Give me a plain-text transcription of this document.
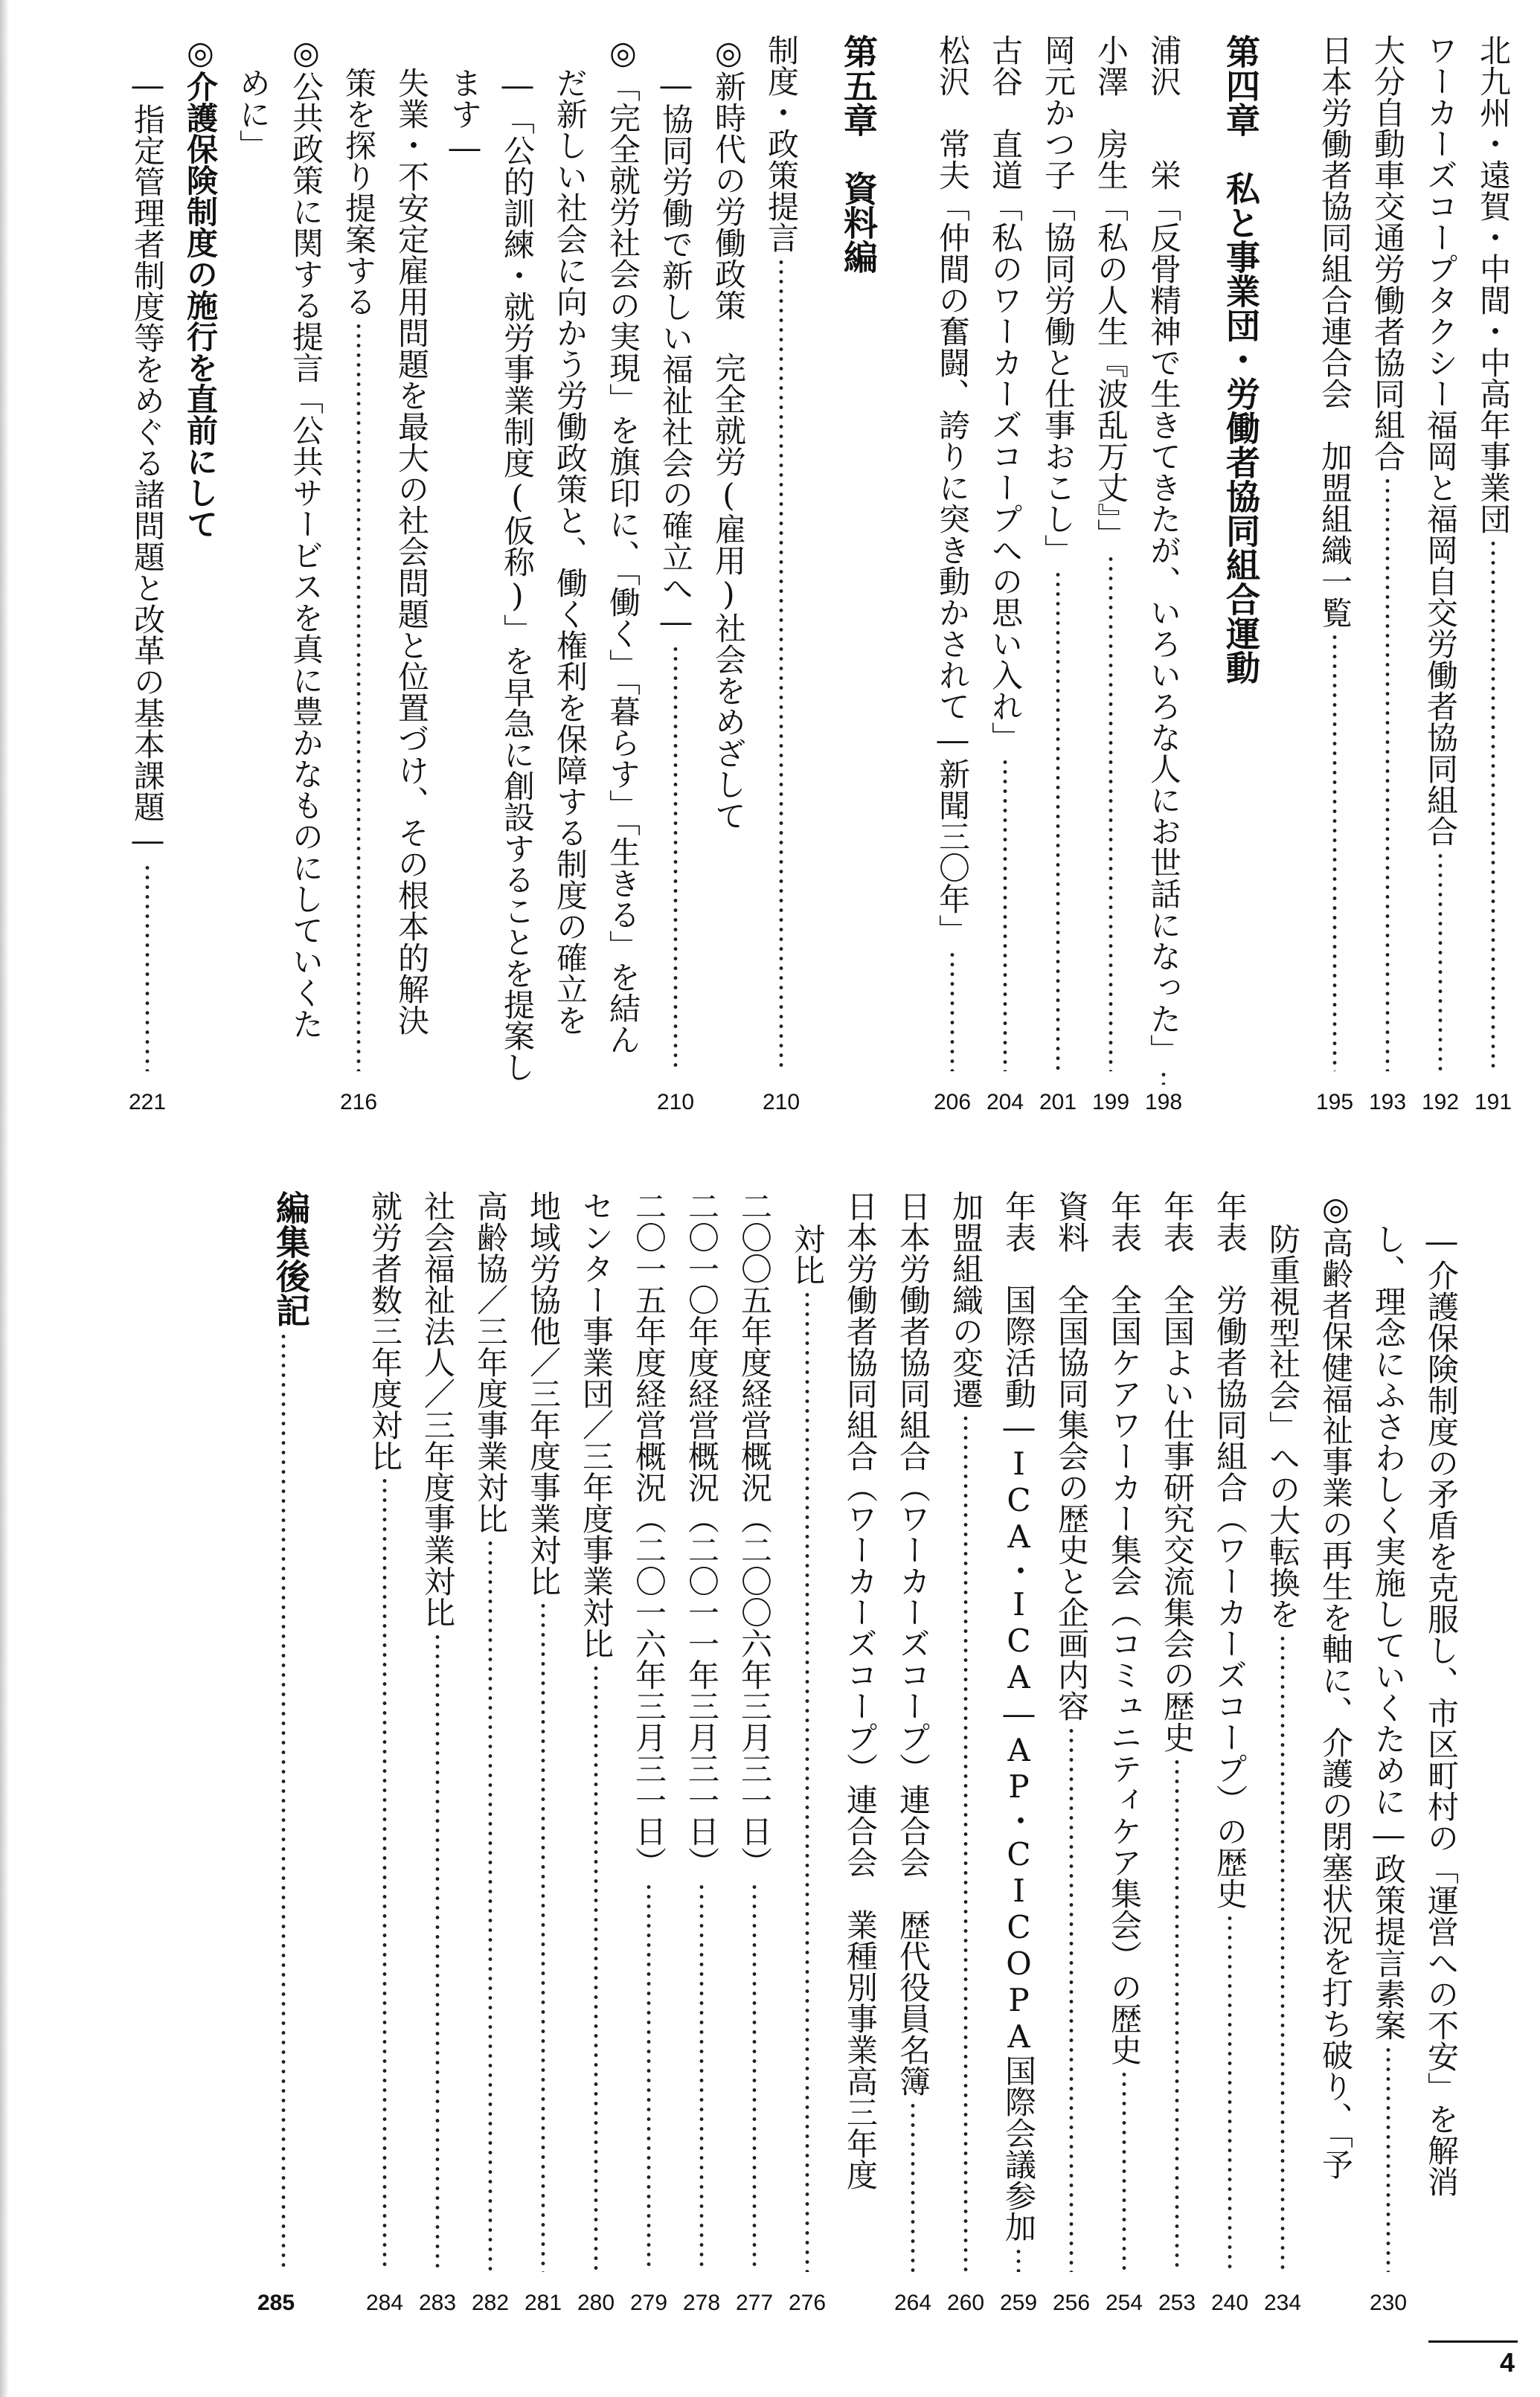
北九州・遠賀・中間・中高年事業団
191
ワーカーズコープタクシー福岡と福岡自交労働者協同組合
192
大分自動車交通労働者協同組合
193
日本労働者協同組合連合会　加盟組織一覧
195
第四章　私と事業団・労働者協同組合運動
浦沢　　栄「反骨精神で生きてきたが、いろいろな人にお世話になった」
198
小澤　房生「私の人生『波乱万丈』」
199
岡元かつ子「協同労働と仕事おこし」
201
古谷　直道「私のワーカーズコープへの思い入れ」
204
松沢　常夫「仲間の奮闘、誇りに突き動かされて―新聞三〇年」
206
第五章　資料編
制度・政策提言
210
◎新時代の労働政策　完全就労(雇用)社会をめざして
―協同労働で新しい福祉社会の確立へ―
210
◎「完全就労社会の実現」を旗印に、「働く」「暮らす」「生きる」を結ん
だ新しい社会に向かう労働政策と、働く権利を保障する制度の確立を
―「公的訓練・就労事業制度(仮称)」を早急に創設することを提案し
ます―
失業・不安定雇用問題を最大の社会問題と位置づけ、その根本的解決
策を探り提案する
216
◎公共政策に関する提言「公共サービスを真に豊かなものにしていくた
めに」
◎介護保険制度の施行を直前にして
―指定管理者制度等をめぐる諸問題と改革の基本課題―
221
―介護保険制度の矛盾を克服し、市区町村の「運営への不安」を解消
し、理念にふさわしく実施していくために―政策提言素案
230
◎高齢者保健福祉事業の再生を軸に、介護の閉塞状況を打ち破り、「予
防重視型社会」への大転換を
234
年表　労働者協同組合（ワーカーズコープ）の歴史
240
年表　全国よい仕事研究交流集会の歴史
253
年表　全国ケアワーカー集会（コミュニティケア集会）の歴史
254
資料　全国協同集会の歴史と企画内容
256
年表　国際活動―ICA・ICA―AP・CICOPA国際会議参加
259
加盟組織の変遷
260
日本労働者協同組合（ワーカーズコープ）連合会　歴代役員名簿
264
日本労働者協同組合（ワーカーズコープ）連合会　業種別事業高三年度
対比
276
二〇〇五年度経営概況（二〇〇六年三月三一日）
277
二〇一〇年度経営概況（二〇一一年三月三一日）
278
二〇一五年度経営概況（二〇一六年三月三一日）
279
センター事業団／三年度事業対比
280
地域労協他／三年度事業対比
281
高齢協／三年度事業対比
282
社会福祉法人／三年度事業対比
283
就労者数三年度対比
284
編集後記
285
4
